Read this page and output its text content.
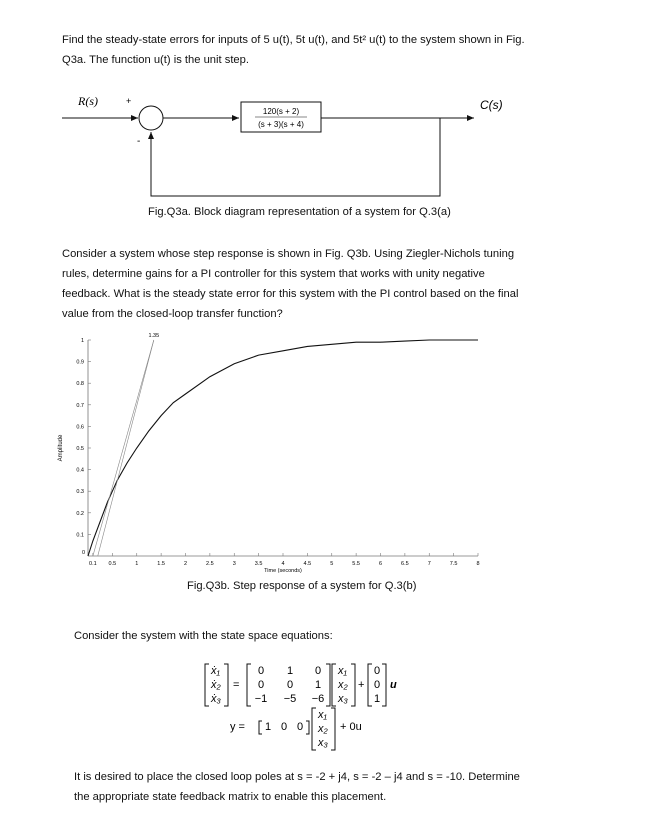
Find the steady-state errors for inputs of 5 u(t), 5t u(t), and 5t² u(t) to the system shown in Fig.
Q3a. The function u(t) is the unit step.
R(s)	C(s)
+
-
120(s + 2)
(s + 3)(s + 4)
Fig.Q3a. Block diagram representation of a system for Q.3(a)
Consider a system whose step response is shown in Fig. Q3b. Using Ziegler-Nichols tuning
rules, determine gains for a PI controller for this system that works with unity negative
feedback. What is the steady state error for this system with the PI control based on the final
value from the closed-loop transfer function?
0.1
0.2
0.3
0.4
0.5
0.6
0.7
0.8
0.9
1
0
0.1 0.5	1	1.5	2	2.5	3	3.5	4	4.5	5	5.5	6	6.5	7	7.5	8
Amplitude
Time (seconds)
1.35
Fig.Q3b. Step response of a system for Q.3(b)
Consider the system with the state space equations:
ẋ₁
ẋ₂
ẋ₃
=
0 1 0
0 0 1
−1 −5 −6
x₁
x₂
x₃
+
0
0
1
u
y = 1 0 0
x₁
x₂
x₃
+ 0u
It is desired to place the closed loop poles at s = -2 + j4, s = -2 – j4 and s = -10. Determine
the appropriate state feedback matrix to enable this placement.
